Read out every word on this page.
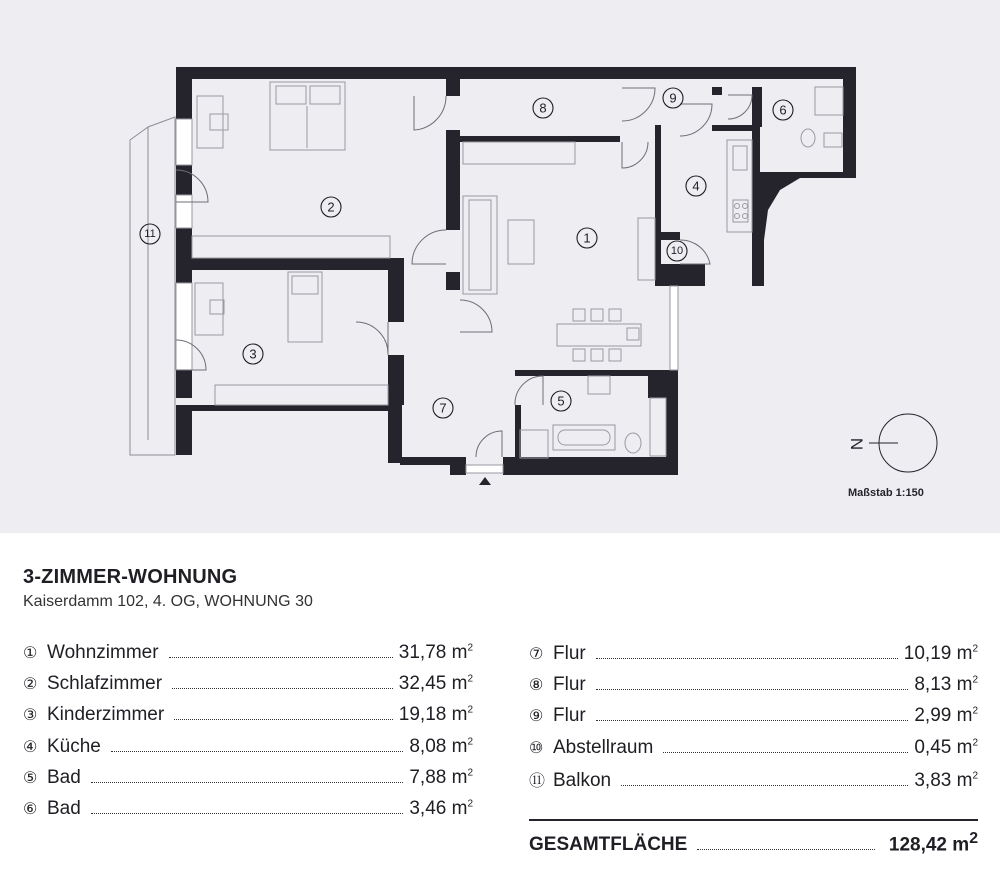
1
2
3
4
5
6
7
8
9
10
11
N
Maßstab 1:150
3-ZIMMER-WOHNUNG
Kaiserdamm 102, 4. OG, WOHNUNG 30
① Wohnzimmer	31,78 $m^2$
② Schlafzimmer	32,45 $m^2$
③ Kinderzimmer	19,18 $m^2$
④ Küche	8,08 $m^2$
⑤ Bad	7,88 $m^2$
⑥ Bad	3,46 $m^2$
⑦ Flur	10,19 $m^2$
⑧ Flur	8,13 $m^2$
⑨ Flur	2,99 $m^2$
⑩ Abstellraum	0,45 $m^2$
⑪ Balkon	3,83 $m^2$
GESAMTFLÄCHE	128,42 $m^2$
